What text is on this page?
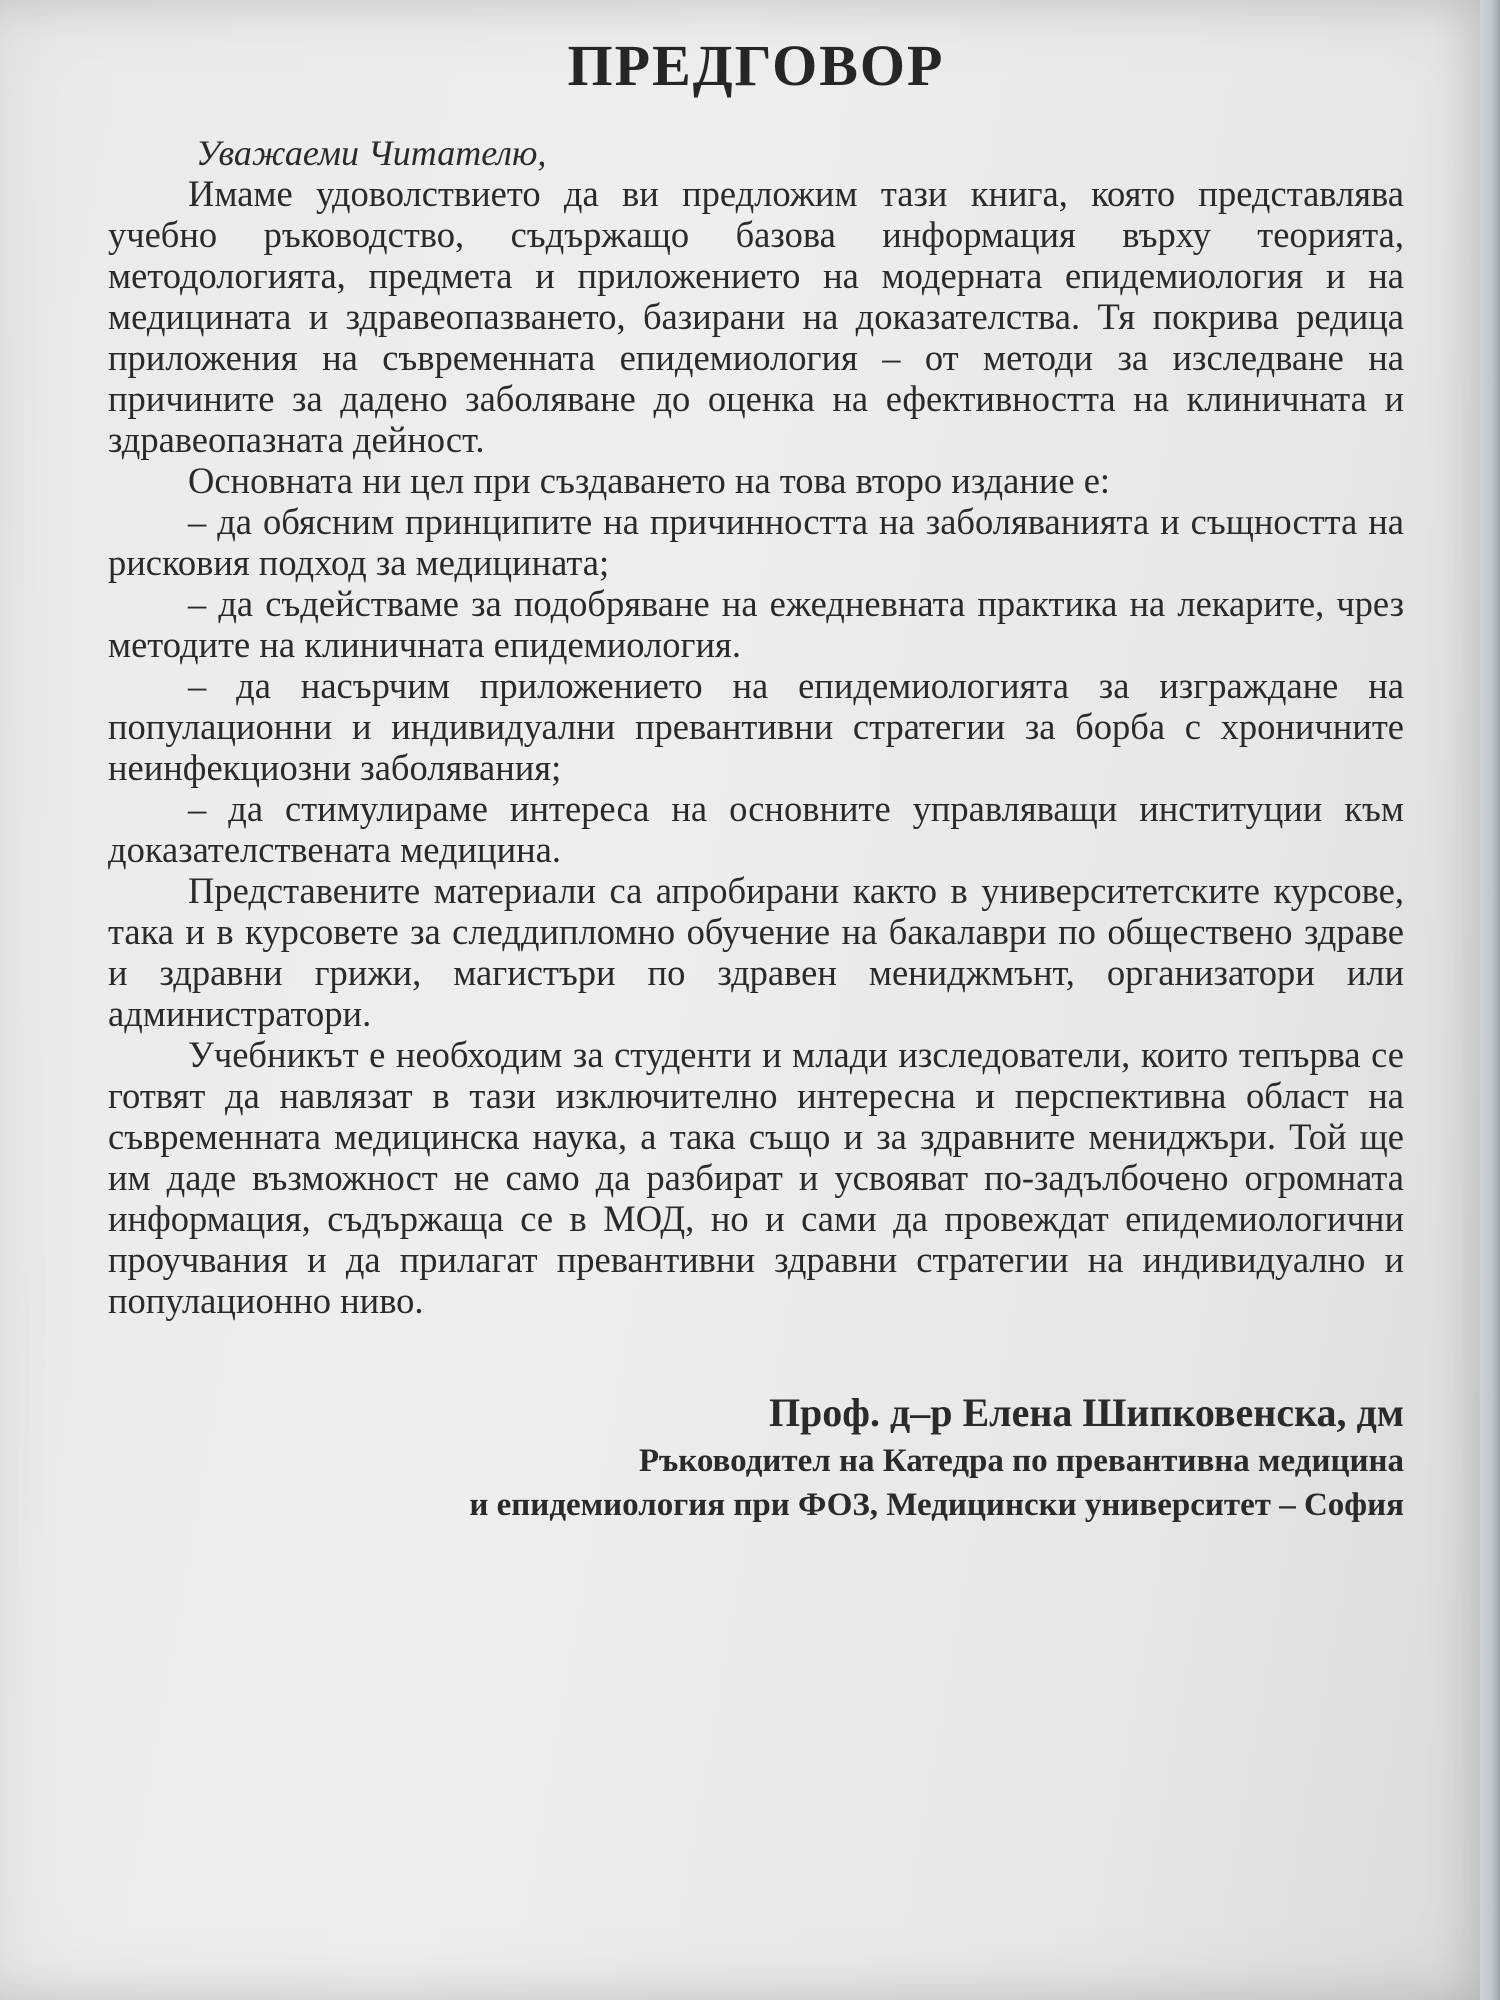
ПРЕДГОВОР

Уважаеми Читателю,

Имаме удоволствието да ви предложим тази книга, която представлява учебно ръководство, съдържащо базова информация върху теорията, методологията, предмета и приложението на модерната епидемиология и на медицината и здравеопазването, базирани на доказателства. Тя покрива редица приложения на съвременната епидемиология – от методи за изследване на причините за дадено заболяване до оценка на ефективността на клиничната и здравеопазната дейност.

Основната ни цел при създаването на това второ издание е:

– да обясним принципите на причинността на заболяванията и същността на рисковия подход за медицината;

– да съдействаме за подобряване на ежедневната практика на лекарите, чрез методите на клиничната епидемиология.

– да насърчим приложението на епидемиологията за изграждане на популационни и индивидуални превантивни стратегии за борба с хроничните неинфекциозни заболявания;

– да стимулираме интереса на основните управляващи институции към доказателствената медицина.

Представените материали са апробирани както в университетските курсове, така и в курсовете за следдипломно обучение на бакалаври по обществено здраве и здравни грижи, магистъри по здравен мениджмънт, организатори или администратори.

Учебникът е необходим за студенти и млади изследователи, които тепърва се готвят да навлязат в тази изключително интересна и перспективна област на съвременната медицинска наука, а така също и за здравните мениджъри. Той ще им даде възможност не само да разбират и усвояват по-задълбочено огромната информация, съдържаща се в МОД, но и сами да провеждат епидемиологични проучвания и да прилагат превантивни здравни стратегии на индивидуално и популационно ниво.

Проф. д–р Елена Шипковенска, дм
Ръководител на Катедра по превантивна медицина
и епидемиология при ФОЗ, Медицински университет – София
